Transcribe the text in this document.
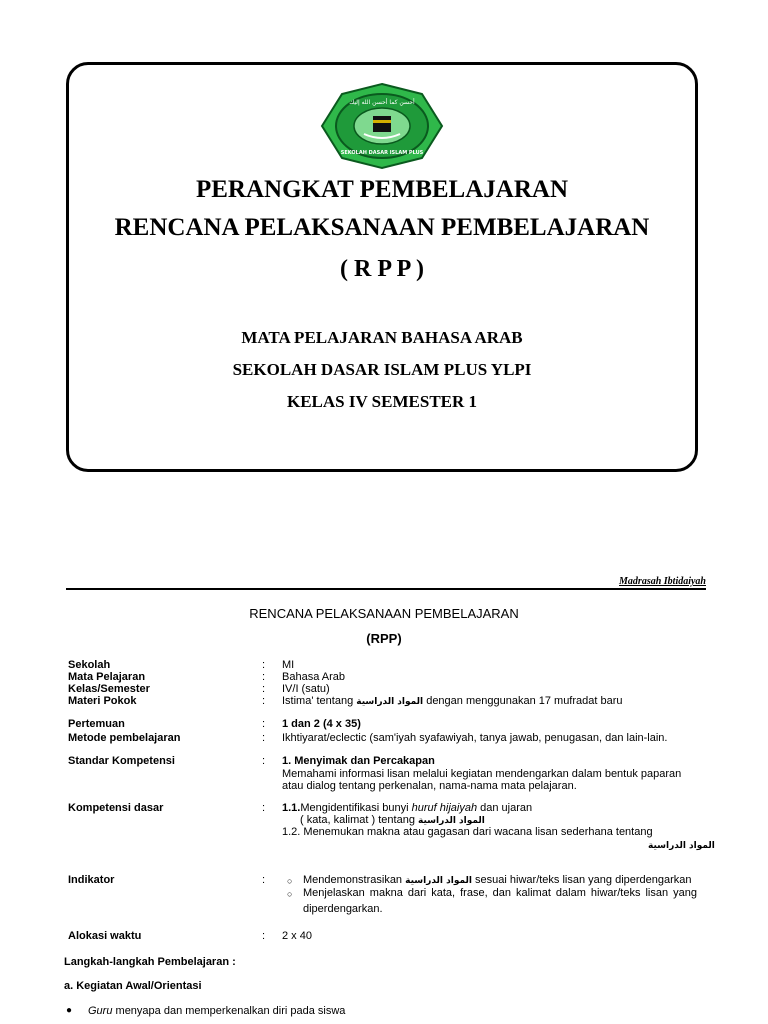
أحسن كما أحسن الله إليك
SEKOLAH DASAR ISLAM PLUS
PERANGKAT PEMBELAJARAN
RENCANA PELAKSANAAN PEMBELAJARAN
( R P P )
MATA PELAJARAN BAHASA ARAB
SEKOLAH DASAR ISLAM PLUS YLPI
KELAS IV SEMESTER 1
Madrasah Ibtidaiyah
RENCANA PELAKSANAAN PEMBELAJARAN
(RPP)
Sekolah	: MI
Mata Pelajaran	: Bahasa Arab
Kelas/Semester	: IV/I (satu)
Materi Pokok	: Istima' tentang المواد الدراسية dengan menggunakan 17 mufradat baru
Pertemuan	: 1 dan 2 (4 x 35)
Metode pembelajaran	: Ikhtiyarat/eclectic (sam'iyah syafawiyah, tanya jawab, penugasan, dan lain-lain.
Standar Kompetensi	: 1. Menyimak dan Percakapan
Memahami informasi lisan melalui kegiatan mendengarkan dalam bentuk paparan
atau dialog tentang perkenalan, nama-nama mata pelajaran.
Kompetensi dasar	: 1.1.Mengidentifikasi bunyi huruf hijaiyah dan ujaran
( kata, kalimat ) tentang المواد الدراسية
1.2. Menemukan makna atau gagasan dari wacana lisan sederhana tentang
المواد الدراسية
Indikator	: ○ Mendemonstrasikan المواد الدراسية sesuai hiwar/teks lisan yang diperdengarkan
○ Menjelaskan makna dari kata, frase, dan kalimat dalam hiwar/teks lisan yang
diperdengarkan.
Alokasi waktu	: 2 x 40
Langkah-langkah Pembelajaran :
a. Kegiatan Awal/Orientasi
● Guru menyapa dan memperkenalkan diri pada siswa
